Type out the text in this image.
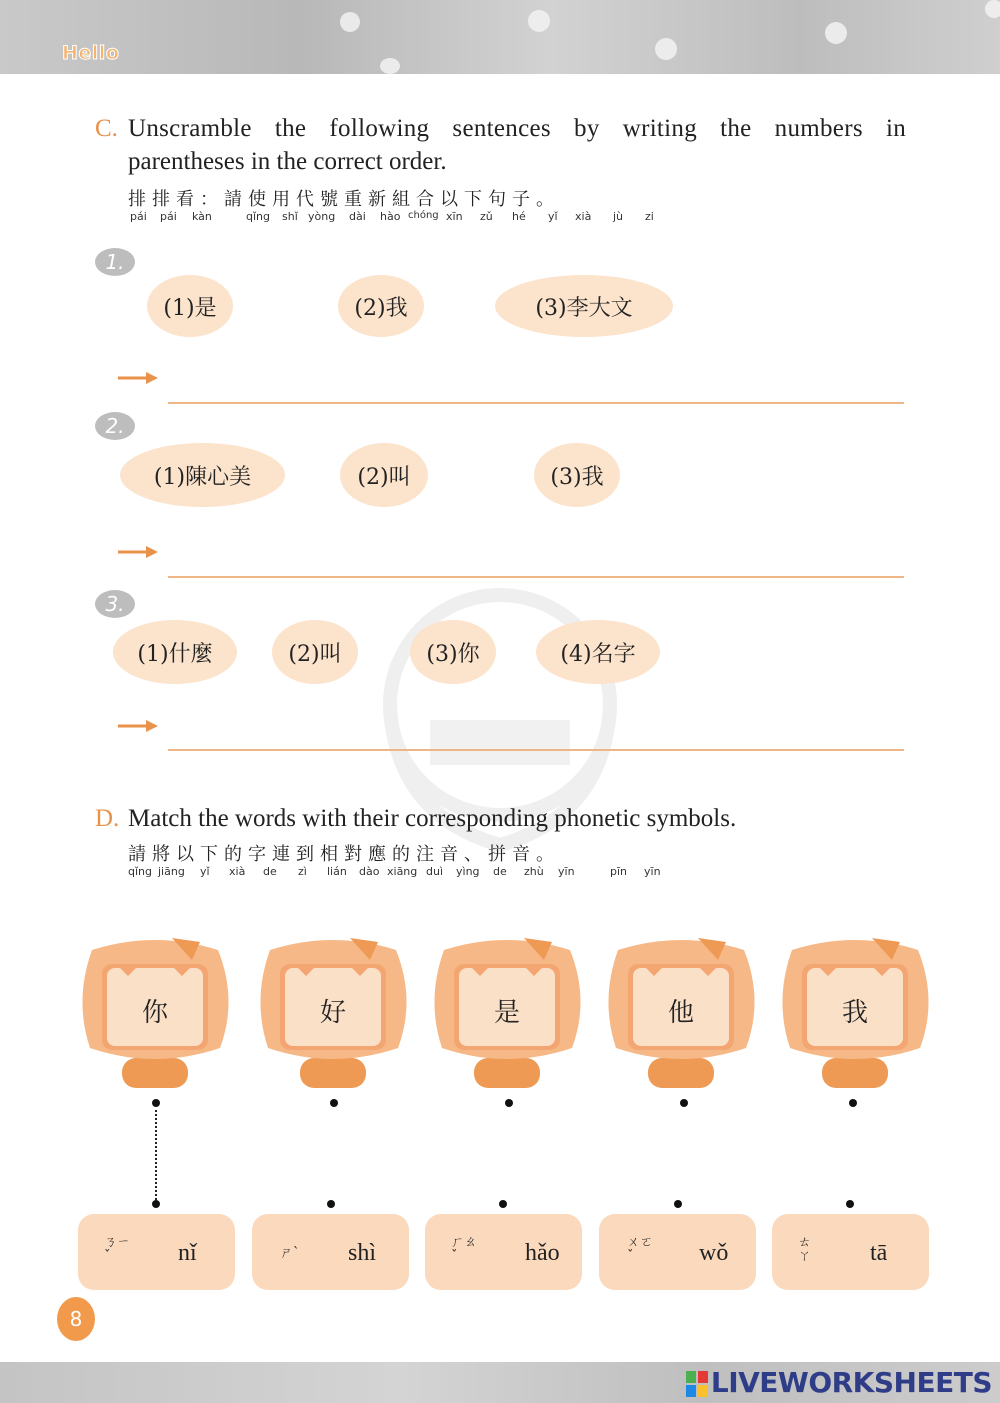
Hello
C. Unscramble the following sentences by writing the numbers in
parentheses in the correct order.
排排看：請使用代號重新組合以下句子。
pái pái kàn	qǐng shǐ yòng dài hào chóng xīn zǔ hé yǐ xià jù zi
1.
(1)是	(2)我	(3)李大文
2.
(1)陳心美	(2)叫	(3)我
3.
(1)什麼	(2)叫	(3)你	(4)名字
D. Match the words with their corresponding phonetic symbols.
請將以下的字連到相對應的注音、拼音。
qǐng jiāng yǐ xià de zì lián dào xiāng duì yìng de zhù yīn	pīn yīn
你	好	是	他	我
ㄋㄧˇ	nǐ	ㄕˋ shì	ㄏㄠˇ	hǎo	ㄨㄛˇ	wǒ	ㄊㄚ tā
8
LIVEWORKSHEETS
